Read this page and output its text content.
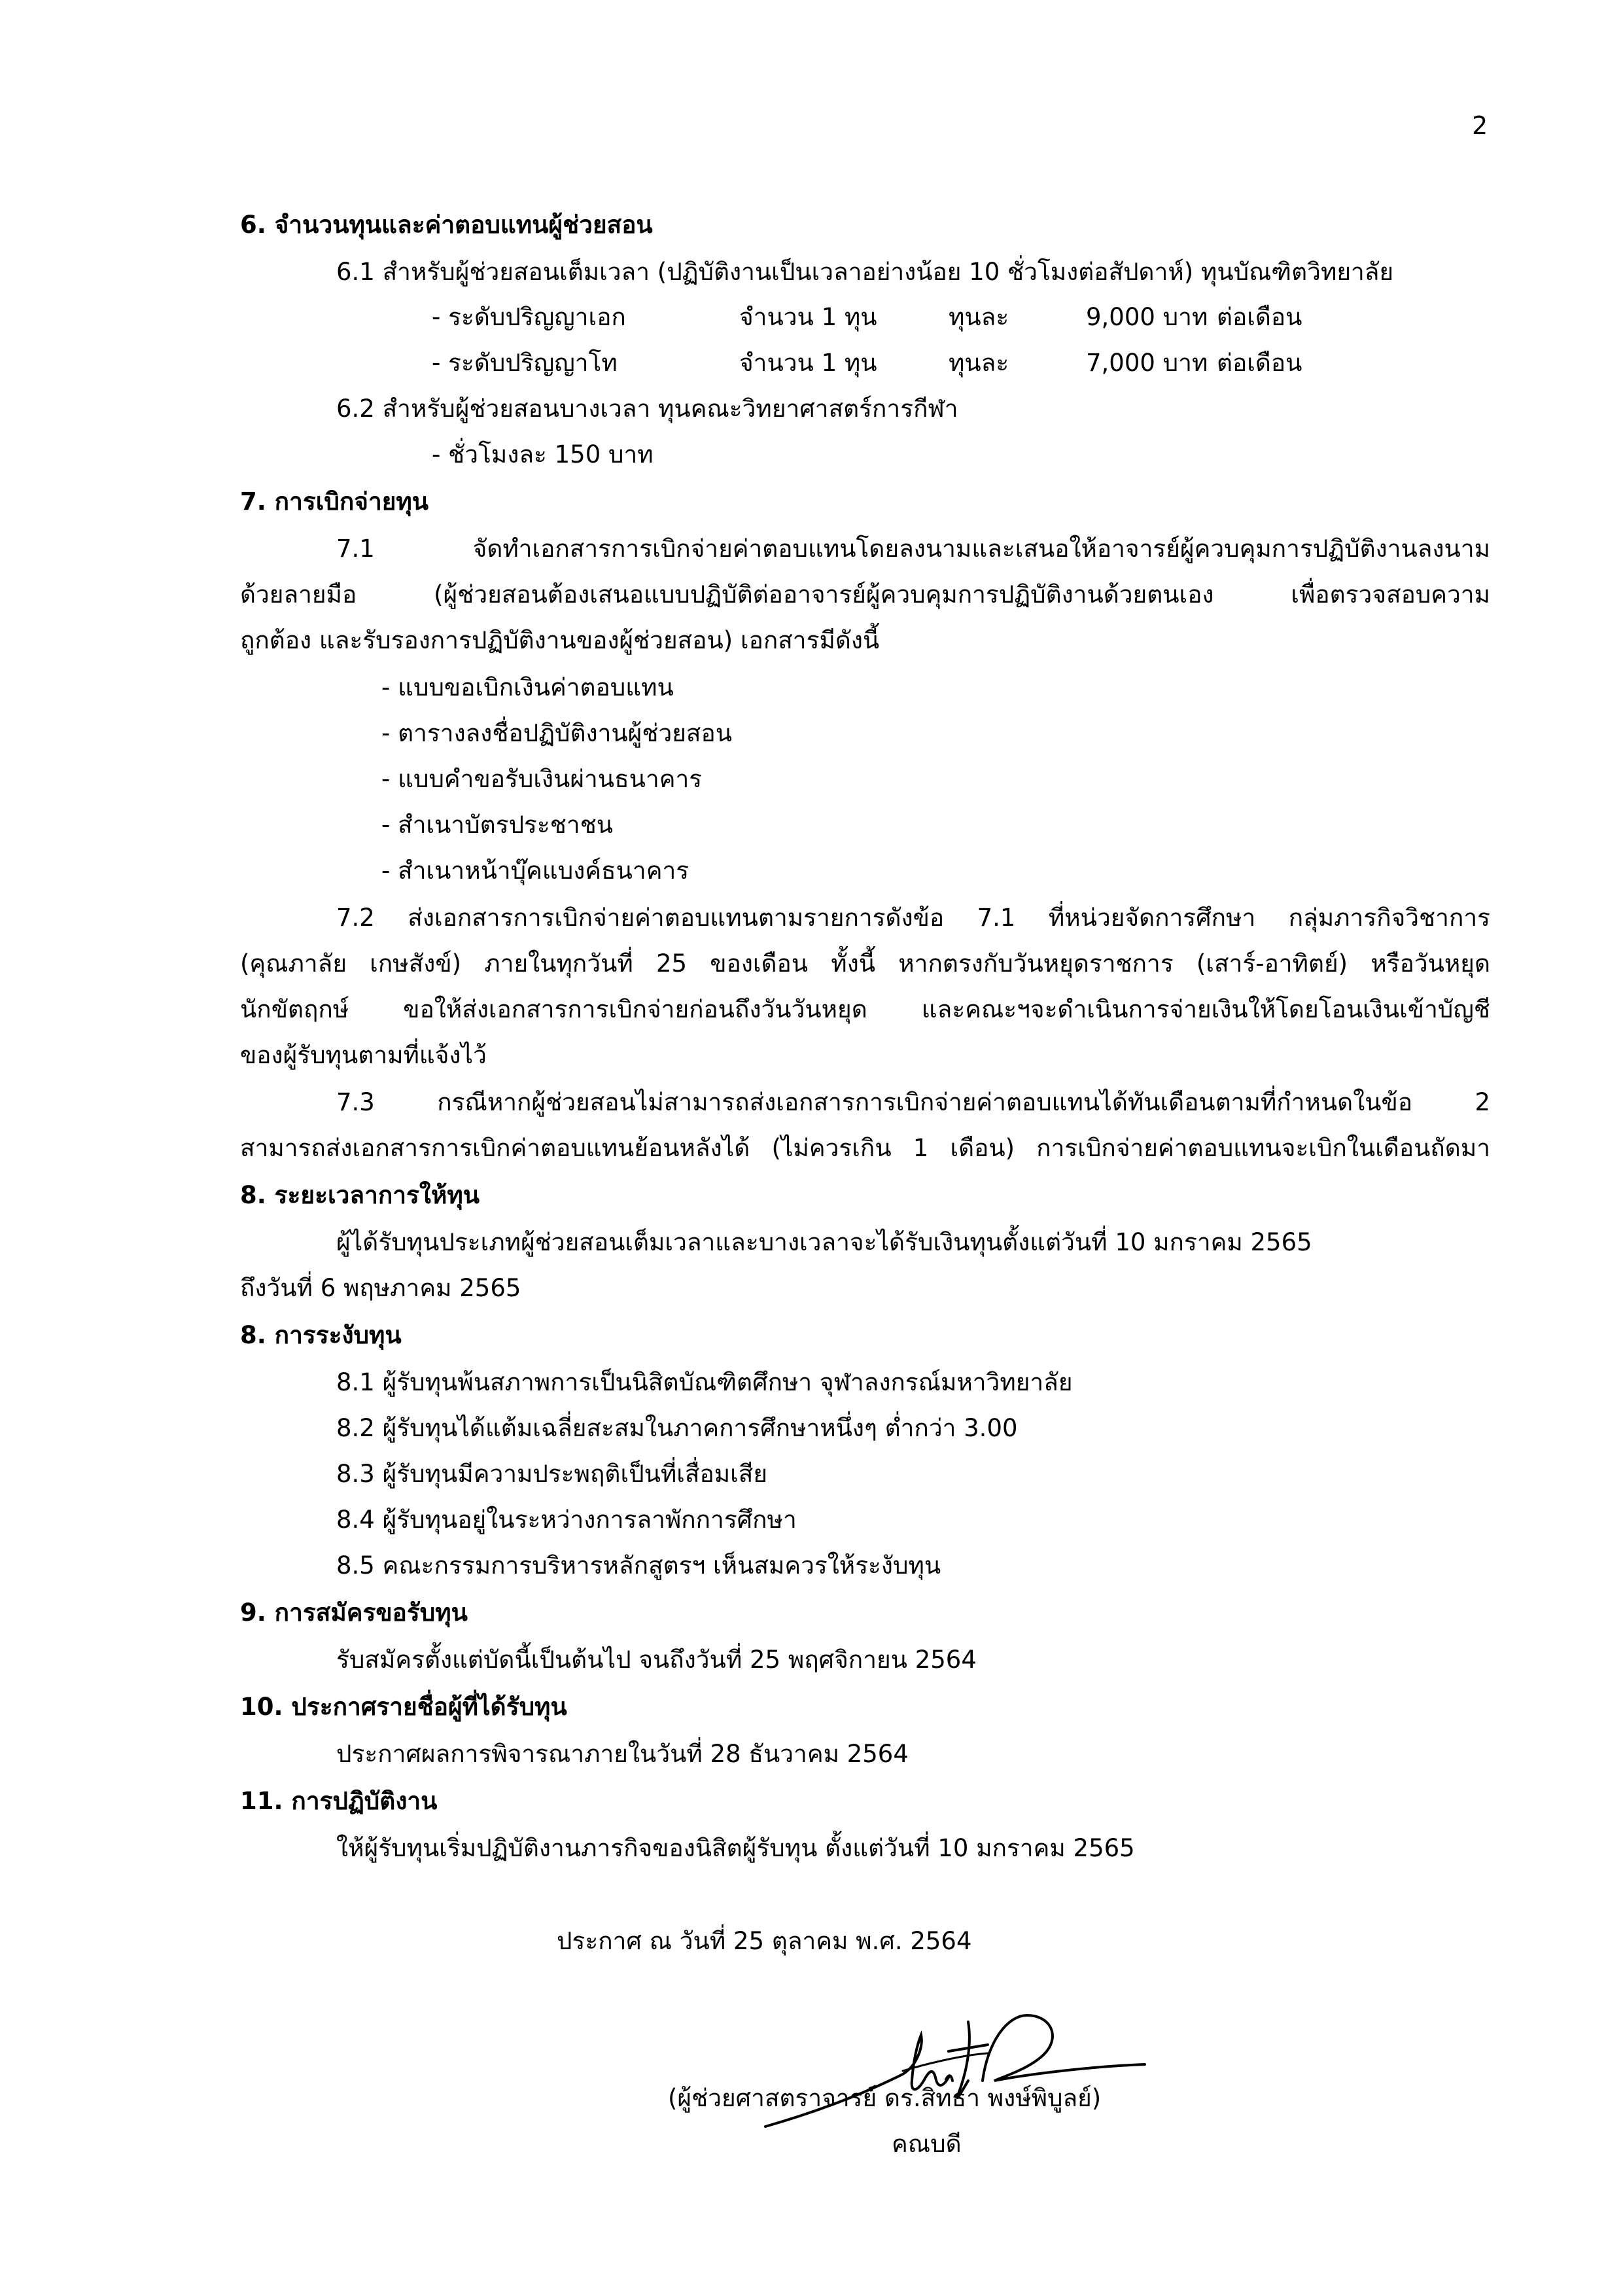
2
6. จำนวนทุนและค่าตอบแทนผู้ช่วยสอน
6.1 สำหรับผู้ช่วยสอนเต็มเวลา (ปฏิบัติงานเป็นเวลาอย่างน้อย 10 ชั่วโมงต่อสัปดาห์) ทุนบัณฑิตวิทยาลัย
- ระดับปริญญาเอก	จำนวน 1 ทุน	ทุนละ	9,000 บาท ต่อเดือน
- ระดับปริญญาโท	จำนวน 1 ทุน	ทุนละ	7,000 บาท ต่อเดือน
6.2 สำหรับผู้ช่วยสอนบางเวลา ทุนคณะวิทยาศาสตร์การกีฬา
- ชั่วโมงละ 150 บาท
7. การเบิกจ่ายทุน
7.1 จัดทำเอกสารการเบิกจ่ายค่าตอบแทนโดยลงนามและเสนอให้อาจารย์ผู้ควบคุมการปฏิบัติงานลงนาม
ด้วยลายมือ (ผู้ช่วยสอนต้องเสนอแบบปฏิบัติต่ออาจารย์ผู้ควบคุมการปฏิบัติงานด้วยตนเอง เพื่อตรวจสอบความ
ถูกต้อง และรับรองการปฏิบัติงานของผู้ช่วยสอน) เอกสารมีดังนี้
- แบบขอเบิกเงินค่าตอบแทน
- ตารางลงชื่อปฏิบัติงานผู้ช่วยสอน
- แบบคำขอรับเงินผ่านธนาคาร
- สำเนาบัตรประชาชน
- สำเนาหน้าบุ๊คแบงค์ธนาคาร
7.2 ส่งเอกสารการเบิกจ่ายค่าตอบแทนตามรายการดังข้อ 7.1 ที่หน่วยจัดการศึกษา กลุ่มภารกิจวิชาการ
(คุณภาลัย เกษสังข์) ภายในทุกวันที่ 25 ของเดือน ทั้งนี้ หากตรงกับวันหยุดราชการ (เสาร์-อาทิตย์) หรือวันหยุด
นักขัตฤกษ์ ขอให้ส่งเอกสารการเบิกจ่ายก่อนถึงวันวันหยุด และคณะฯจะดำเนินการจ่ายเงินให้โดยโอนเงินเข้าบัญชี
ของผู้รับทุนตามที่แจ้งไว้
7.3 กรณีหากผู้ช่วยสอนไม่สามารถส่งเอกสารการเบิกจ่ายค่าตอบแทนได้ทันเดือนตามที่กำหนดในข้อ 2
สามารถส่งเอกสารการเบิกค่าตอบแทนย้อนหลังได้ (ไม่ควรเกิน 1 เดือน) การเบิกจ่ายค่าตอบแทนจะเบิกในเดือนถัดมา
8. ระยะเวลาการให้ทุน
ผู้ได้รับทุนประเภทผู้ช่วยสอนเต็มเวลาและบางเวลาจะได้รับเงินทุนตั้งแต่วันที่ 10 มกราคม 2565
ถึงวันที่ 6 พฤษภาคม 2565
8. การระงับทุน
8.1 ผู้รับทุนพ้นสภาพการเป็นนิสิตบัณฑิตศึกษา จุฬาลงกรณ์มหาวิทยาลัย
8.2 ผู้รับทุนได้แต้มเฉลี่ยสะสมในภาคการศึกษาหนึ่งๆ ต่ำกว่า 3.00
8.3 ผู้รับทุนมีความประพฤติเป็นที่เสื่อมเสีย
8.4 ผู้รับทุนอยู่ในระหว่างการลาพักการศึกษา
8.5 คณะกรรมการบริหารหลักสูตรฯ เห็นสมควรให้ระงับทุน
9. การสมัครขอรับทุน
รับสมัครตั้งแต่บัดนี้เป็นต้นไป จนถึงวันที่ 25 พฤศจิกายน 2564
10. ประกาศรายชื่อผู้ที่ได้รับทุน
ประกาศผลการพิจารณาภายในวันที่ 28 ธันวาคม 2564
11. การปฏิบัติงาน
ให้ผู้รับทุนเริ่มปฏิบัติงานภารกิจของนิสิตผู้รับทุน ตั้งแต่วันที่ 10 มกราคม 2565
ประกาศ ณ วันที่ 25 ตุลาคม พ.ศ. 2564
(ผู้ช่วยศาสตราจารย์ ดร.สิทธา พงษ์พิบูลย์)
คณบดี
